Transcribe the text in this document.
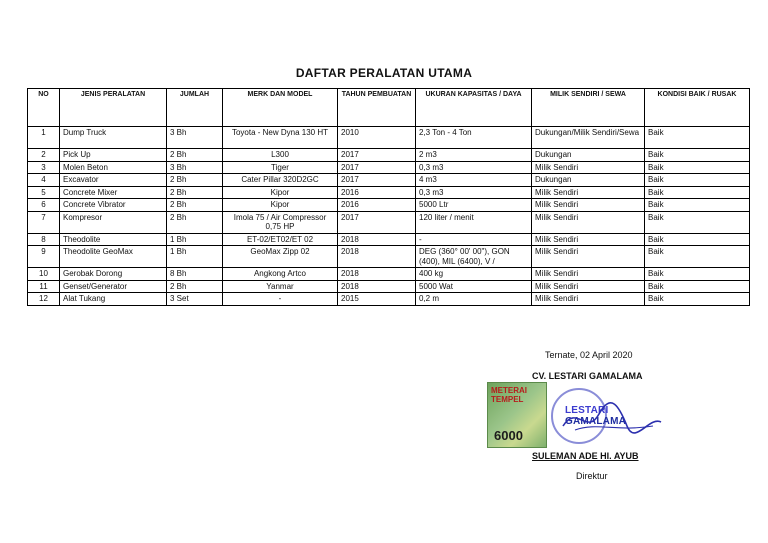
DAFTAR PERALATAN UTAMA
NO	JENIS PERALATAN	JUMLAH	MERK DAN MODEL	TAHUN PEMBUATAN	UKURAN KAPASITAS / DAYA	MILIK SENDIRI / SEWA	KONDISI BAIK / RUSAK
1	Dump Truck	3 Bh	Toyota - New Dyna 130 HT	2010	2,3 Ton - 4 Ton	Dukungan/Milik Sendiri/Sewa	Baik
2	Pick Up	2 Bh	L300	2017	2 m3	Dukungan	Baik
3	Molen Beton	3 Bh	Tiger	2017	0,3 m3	Milik Sendiri	Baik
4	Excavator	2 Bh	Cater Pillar 320D2GC	2017	4 m3	Dukungan	Baik
5	Concrete Mixer	2 Bh	Kipor	2016	0,3 m3	Milik Sendiri	Baik
6	Concrete Vibrator	2 Bh	Kipor	2016	5000 Ltr	Milik Sendiri	Baik
7	Kompresor	2 Bh	Imola 75 / Air Compressor 0,75 HP	2017	120 liter / menit	Milik Sendiri	Baik
8	Theodolite	1 Bh	ET-02/ET02/ET 02	2018	-	Milik Sendiri	Baik
9	Theodolite GeoMax	1 Bh	GeoMax Zipp 02	2018	DEG (360° 00' 00"), GON (400), MIL (6400), V /	Milik Sendiri	Baik
10	Gerobak Dorong	8 Bh	Angkong Artco	2018	400 kg	Milik Sendiri	Baik
11	Genset/Generator	2 Bh	Yanmar	2018	5000 Wat	Milik Sendiri	Baik
12	Alat Tukang	3 Set	-	2015	0,2 m	Milik Sendiri	Baik
Ternate, 02 April 2020
CV. LESTARI GAMALAMA
METERAI
TEMPEL
6000
LESTARI GAMALAMA
SULEMAN ADE HI. AYUB
Direktur
